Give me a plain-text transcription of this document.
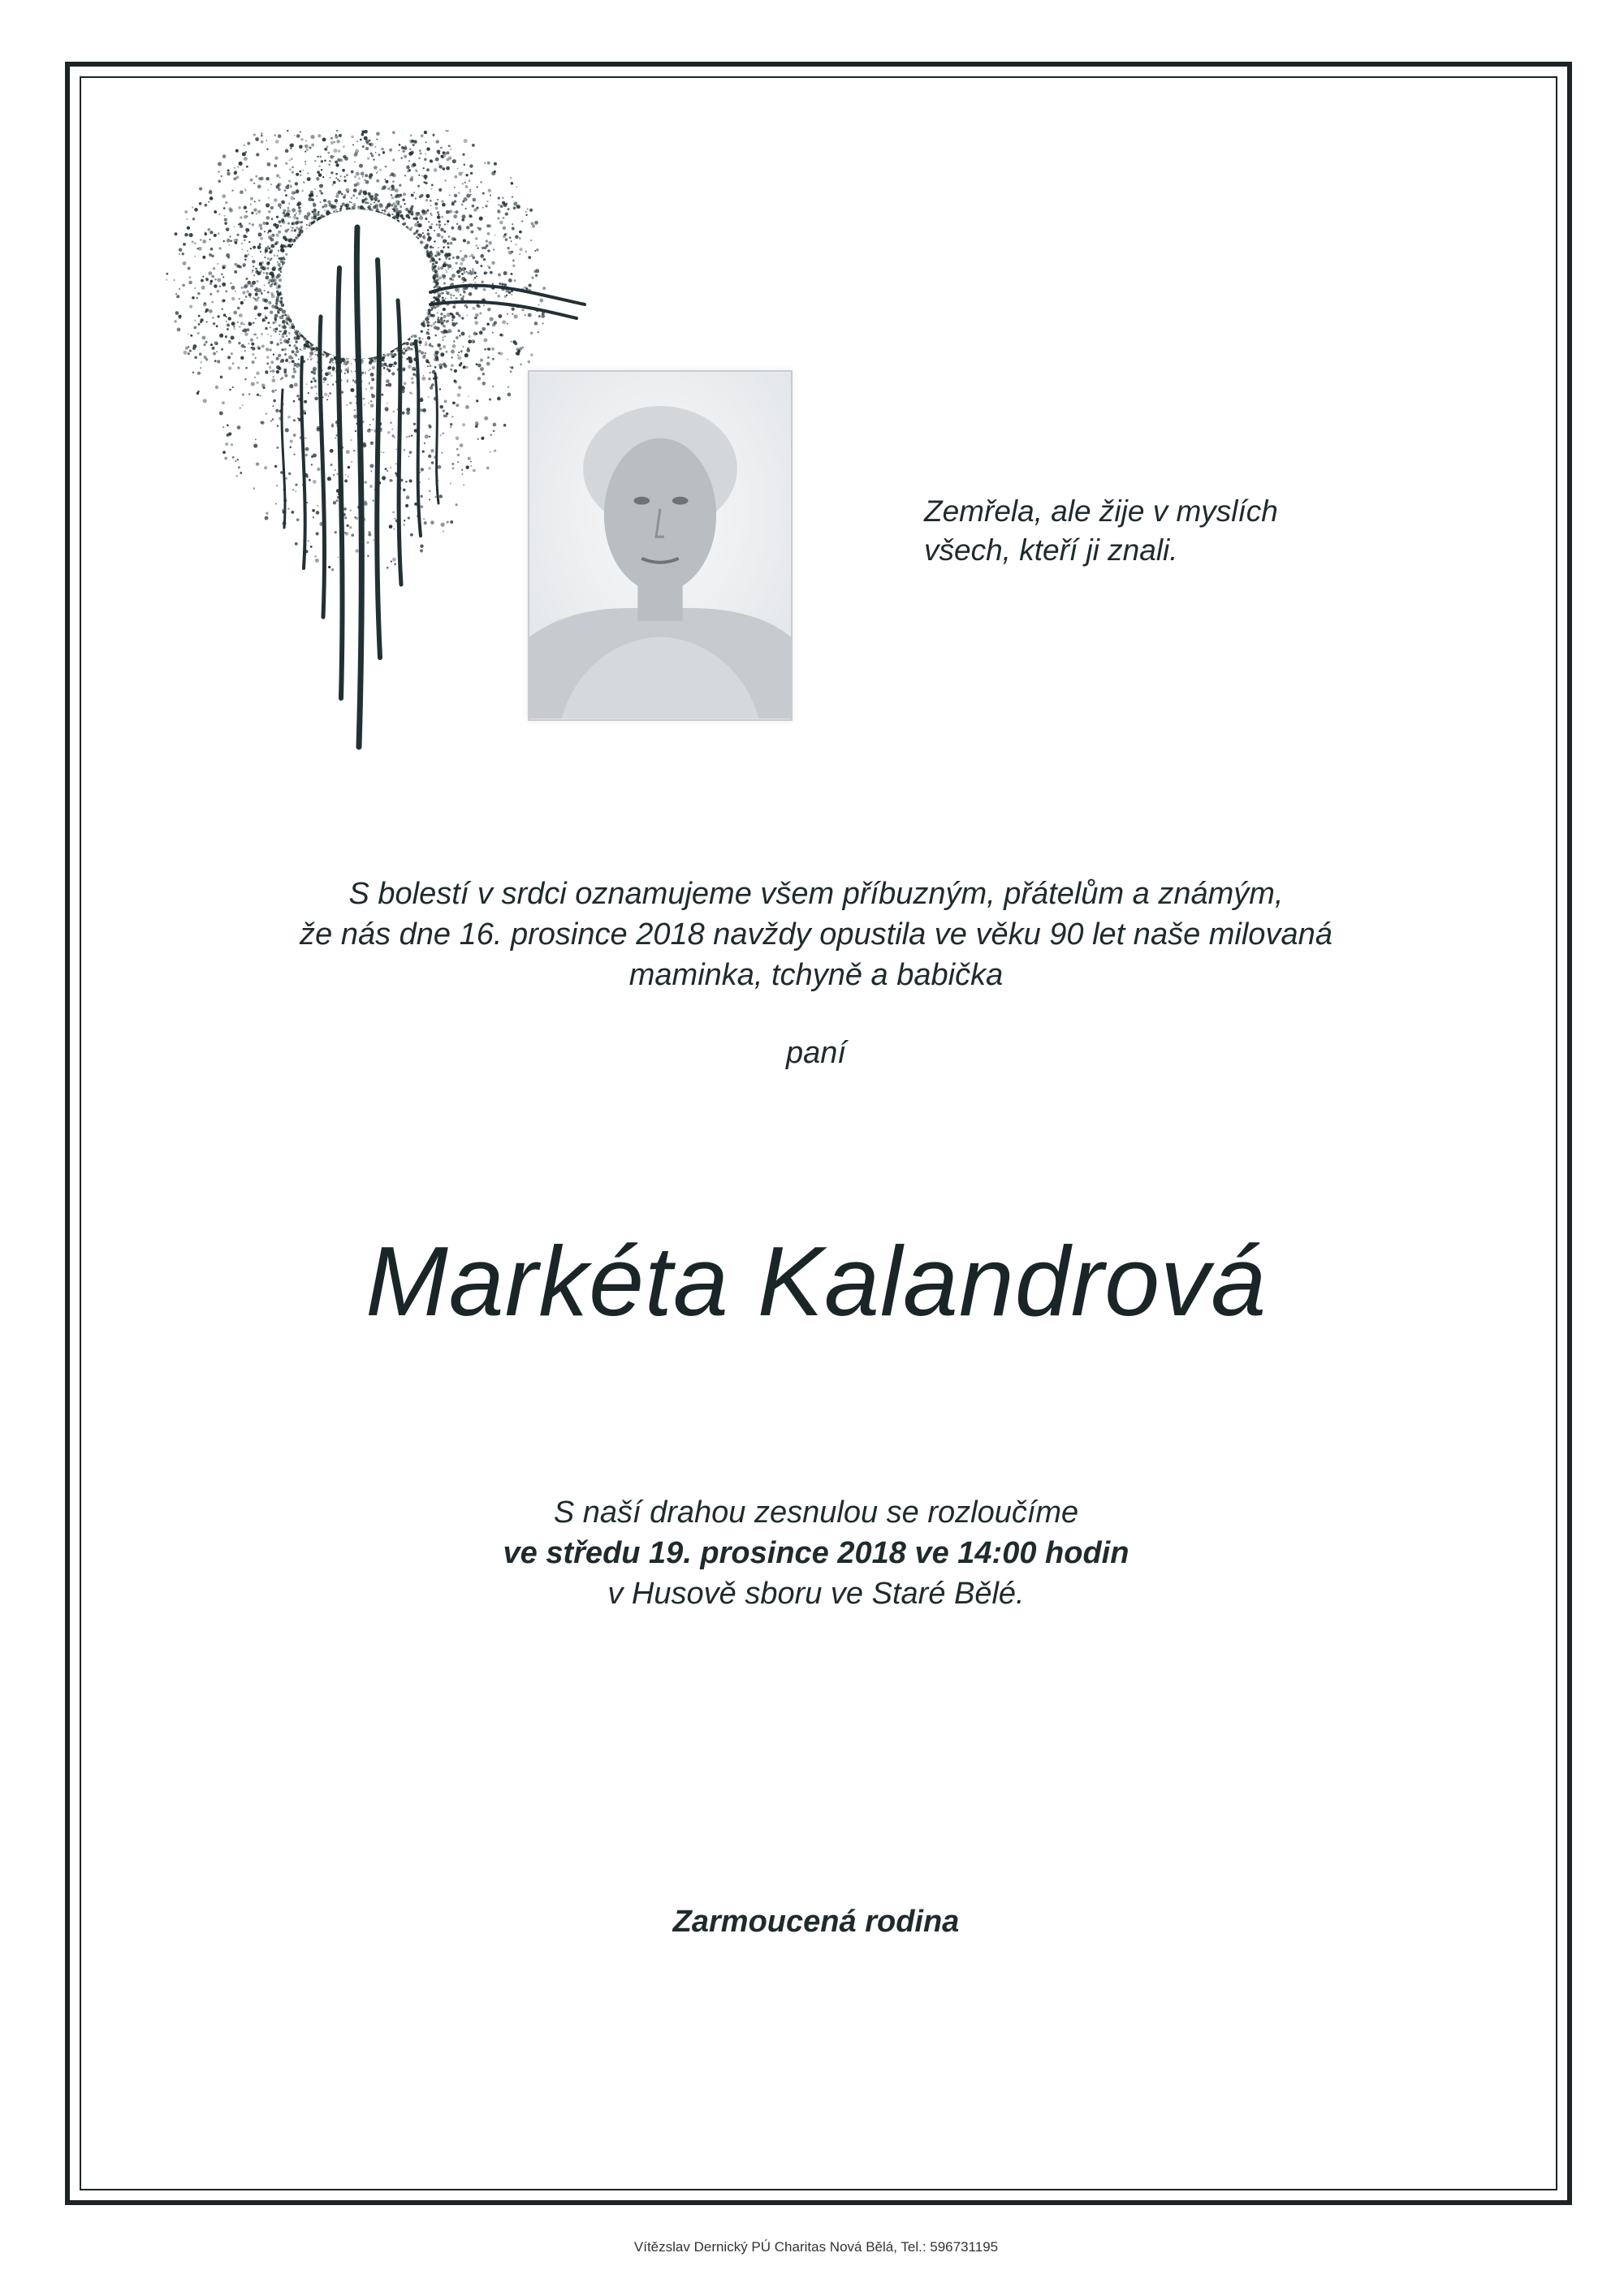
Zemřela, ale žije v myslích
všech, kteří ji znali.
S bolestí v srdci oznamujeme všem příbuzným, přátelům a známým,
že nás dne 16. prosince 2018 navždy opustila ve věku 90 let naše milovaná
maminka, tchyně a babička
paní
Markéta Kalandrová
S naší drahou zesnulou se rozloučíme
ve středu 19. prosince 2018 ve 14:00 hodin
v Husově sboru ve Staré Bělé.
Zarmoucená rodina
Vítězslav Dernický PÚ Charitas Nová Bělá, Tel.: 596731195
